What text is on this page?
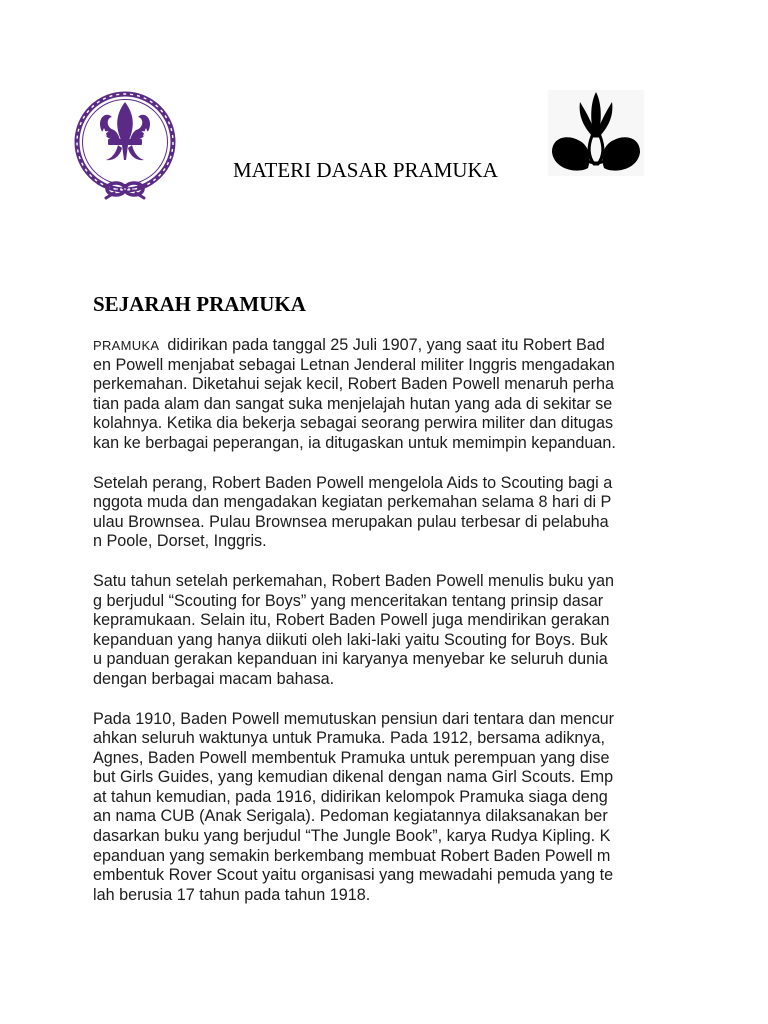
MATERI DASAR PRAMUKA
SEJARAH PRAMUKA

PRAMUKA didirikan pada tanggal 25 Juli 1907, yang saat itu Robert Bad
en Powell menjabat sebagai Letnan Jenderal militer Inggris mengadakan
perkemahan. Diketahui sejak kecil, Robert Baden Powell menaruh perha
tian pada alam dan sangat suka menjelajah hutan yang ada di sekitar se
kolahnya. Ketika dia bekerja sebagai seorang perwira militer dan ditugas
kan ke berbagai peperangan, ia ditugaskan untuk memimpin kepanduan.

Setelah perang, Robert Baden Powell mengelola Aids to Scouting bagi a
nggota muda dan mengadakan kegiatan perkemahan selama 8 hari di P
ulau Brownsea. Pulau Brownsea merupakan pulau terbesar di pelabuha
n Poole, Dorset, Inggris.

Satu tahun setelah perkemahan, Robert Baden Powell menulis buku yan
g berjudul “Scouting for Boys” yang menceritakan tentang prinsip dasar
kepramukaan. Selain itu, Robert Baden Powell juga mendirikan gerakan
kepanduan yang hanya diikuti oleh laki-laki yaitu Scouting for Boys. Buk
u panduan gerakan kepanduan ini karyanya menyebar ke seluruh dunia
dengan berbagai macam bahasa.

Pada 1910, Baden Powell memutuskan pensiun dari tentara dan mencur
ahkan seluruh waktunya untuk Pramuka. Pada 1912, bersama adiknya,
Agnes, Baden Powell membentuk Pramuka untuk perempuan yang dise
but Girls Guides, yang kemudian dikenal dengan nama Girl Scouts. Emp
at tahun kemudian, pada 1916, didirikan kelompok Pramuka siaga deng
an nama CUB (Anak Serigala). Pedoman kegiatannya dilaksanakan ber
dasarkan buku yang berjudul “The Jungle Book”, karya Rudya Kipling. K
epanduan yang semakin berkembang membuat Robert Baden Powell m
embentuk Rover Scout yaitu organisasi yang mewadahi pemuda yang te
lah berusia 17 tahun pada tahun 1918.
